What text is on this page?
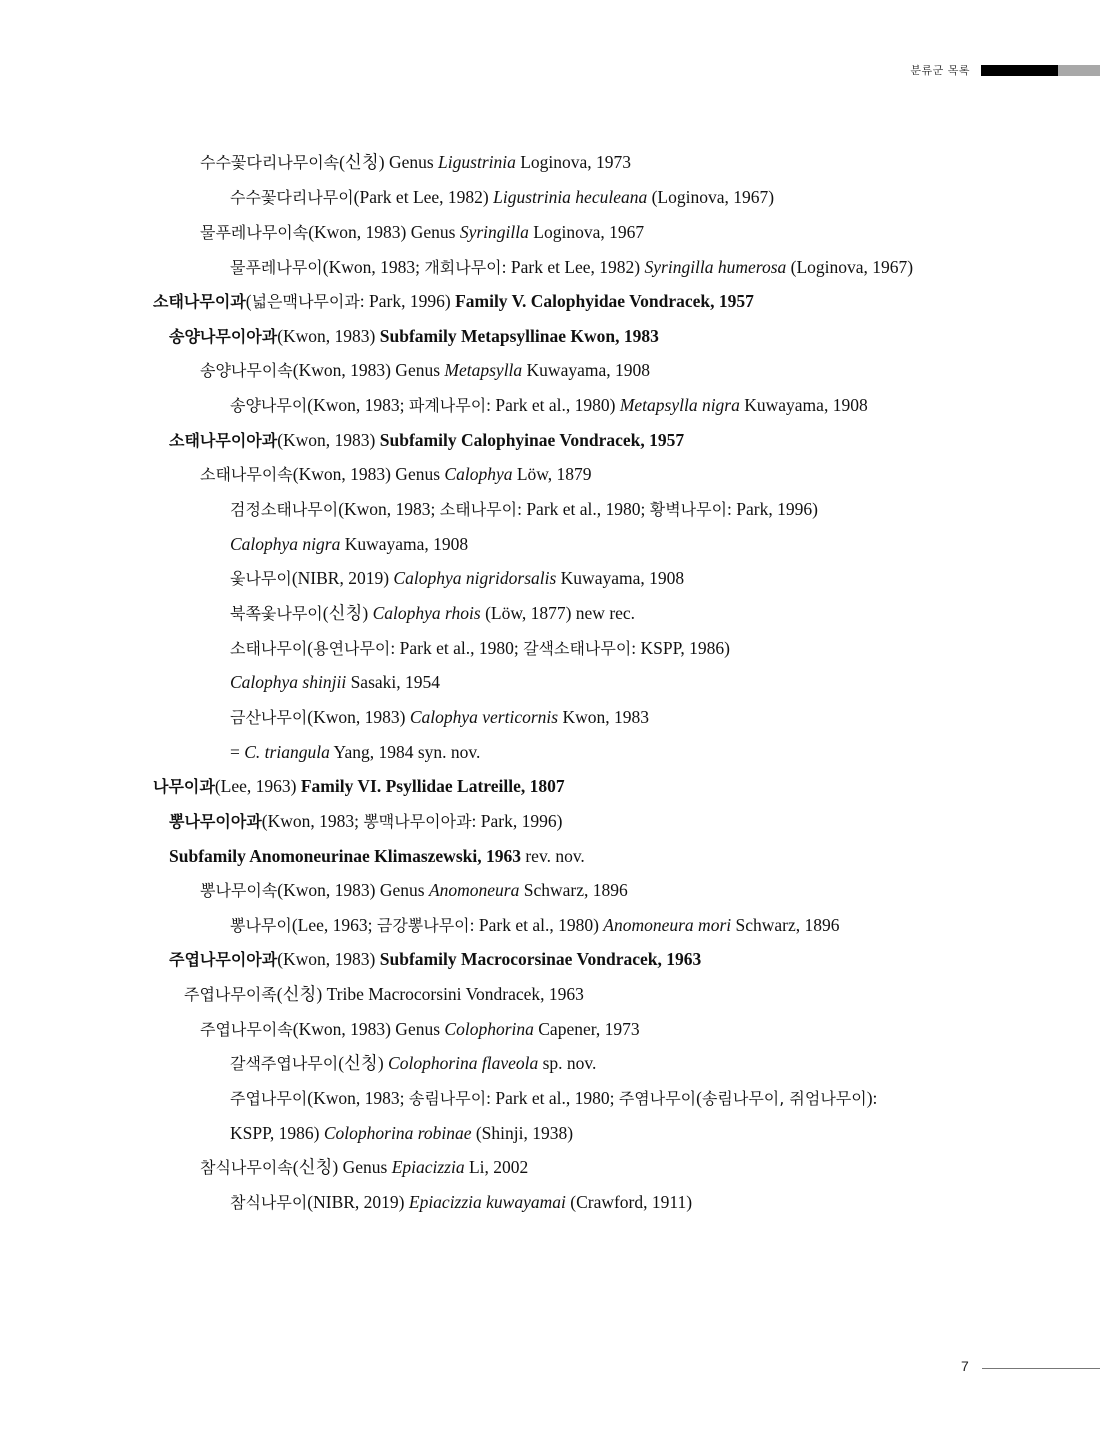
분류군 목록
수수꽃다리나무이속(신칭) Genus Ligustrinia Loginova, 1973
수수꽃다리나무이(Park et Lee, 1982) Ligustrinia heculeana (Loginova, 1967)
물푸레나무이속(Kwon, 1983) Genus Syringilla Loginova, 1967
물푸레나무이(Kwon, 1983; 개회나무이: Park et Lee, 1982) Syringilla humerosa (Loginova, 1967)
소태나무이과(넓은맥나무이과: Park, 1996) Family V. Calophyidae Vondracek, 1957
송양나무이아과(Kwon, 1983) Subfamily Metapsyllinae Kwon, 1983
송양나무이속(Kwon, 1983) Genus Metapsylla Kuwayama, 1908
송양나무이(Kwon, 1983; 파계나무이: Park et al., 1980) Metapsylla nigra Kuwayama, 1908
소태나무이아과(Kwon, 1983) Subfamily Calophyinae Vondracek, 1957
소태나무이속(Kwon, 1983) Genus Calophya Löw, 1879
검정소태나무이(Kwon, 1983; 소태나무이: Park et al., 1980; 황벽나무이: Park, 1996)
Calophya nigra Kuwayama, 1908
옻나무이(NIBR, 2019) Calophya nigridorsalis Kuwayama, 1908
북쪽옻나무이(신칭) Calophya rhois (Löw, 1877) new rec.
소태나무이(용연나무이: Park et al., 1980; 갈색소태나무이: KSPP, 1986)
Calophya shinjii Sasaki, 1954
금산나무이(Kwon, 1983) Calophya verticornis Kwon, 1983
= C. triangula Yang, 1984 syn. nov.
나무이과(Lee, 1963) Family VI. Psyllidae Latreille, 1807
뽕나무이아과(Kwon, 1983; 뽕맥나무이아과: Park, 1996)
Subfamily Anomoneurinae Klimaszewski, 1963 rev. nov.
뽕나무이속(Kwon, 1983) Genus Anomoneura Schwarz, 1896
뽕나무이(Lee, 1963; 금강뽕나무이: Park et al., 1980) Anomoneura mori Schwarz, 1896
주엽나무이아과(Kwon, 1983) Subfamily Macrocorsinae Vondracek, 1963
주엽나무이족(신칭) Tribe Macrocorsini Vondracek, 1963
주엽나무이속(Kwon, 1983) Genus Colophorina Capener, 1973
갈색주엽나무이(신칭) Colophorina flaveola sp. nov.
주엽나무이(Kwon, 1983; 송림나무이: Park et al., 1980; 주염나무이(송림나무이, 쥐엄나무이):
KSPP, 1986) Colophorina robinae (Shinji, 1938)
참식나무이속(신칭) Genus Epiacizzia Li, 2002
참식나무이(NIBR, 2019) Epiacizzia kuwayamai (Crawford, 1911)
7
